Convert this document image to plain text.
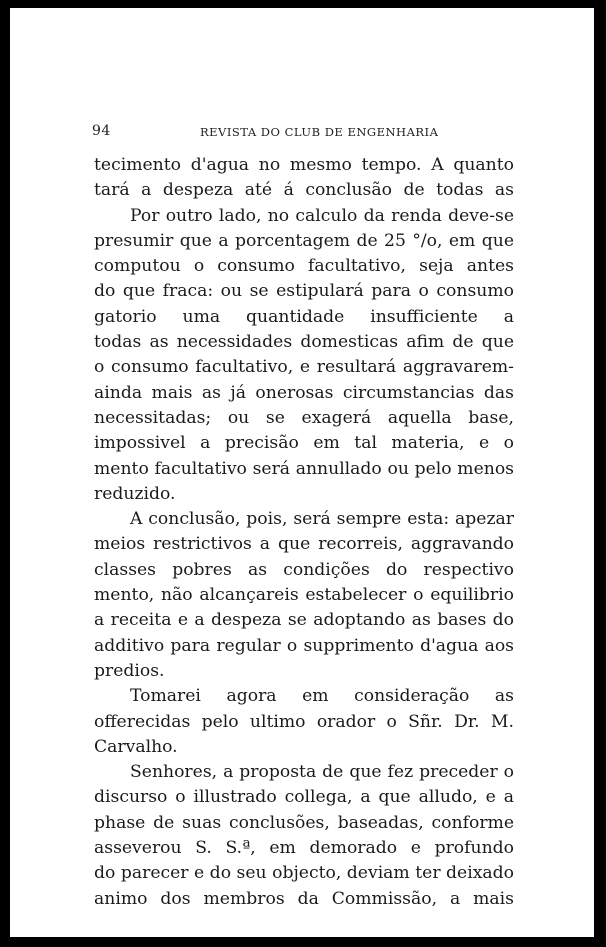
94	REVISTA DO CLUB DE ENGENHARIA
tecimento d'agua no mesmo tempo. A quanto
tará a despeza até á conclusão de todas as
Por outro lado, no calculo da renda deve-se
presumir que a porcentagem de 25 °/o, em que
computou o consumo facultativo, seja antes
do que fraca: ou se estipulará para o consumo
gatorio uma quantidade insufficiente a
todas as necessidades domesticas afim de que
o consumo facultativo, e resultará aggravarem-
ainda mais as já onerosas circumstancias das
necessitadas; ou se exagerá aquella base,
impossivel a precisão em tal materia, e o
mento facultativo será annullado ou pelo menos
reduzido.
A conclusão, pois, será sempre esta: apezar
meios restrictivos a que recorreis, aggravando
classes pobres as condições do respectivo
mento, não alcançareis estabelecer o equilibrio
a receita e a despeza se adoptando as bases do
additivo para regular o supprimento d'agua aos
predios.
Tomarei agora em consideração as
offerecidas pelo ultimo orador o Sñr. Dr. M.
Carvalho.
Senhores, a proposta de que fez preceder o
discurso o illustrado collega, a que alludo, e a
phase de suas conclusões, baseadas, conforme
asseverou S. S.ª, em demorado e profundo
do parecer e do seu objecto, deviam ter deixado
animo dos membros da Commissão, a mais
